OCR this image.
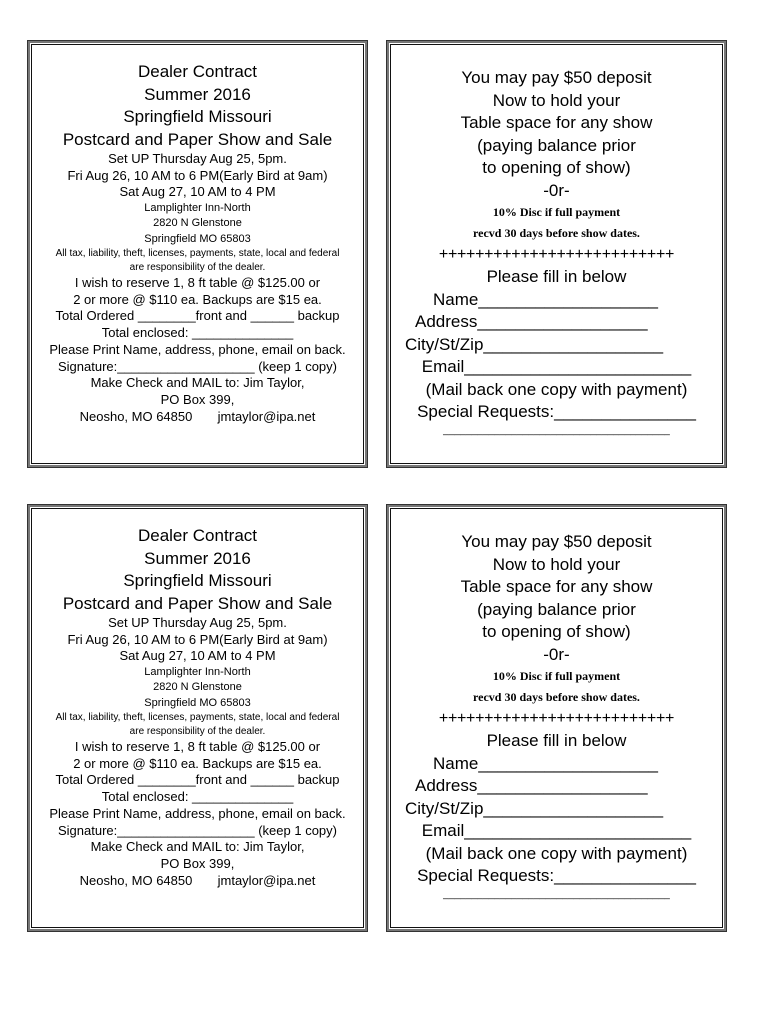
Dealer Contract
Summer 2016
Springfield Missouri
Postcard and Paper Show and Sale
Set UP Thursday Aug 25, 5pm.
Fri Aug 26, 10 AM to 6 PM(Early Bird at 9am)
Sat Aug 27, 10 AM to 4 PM
Lamplighter Inn-North
2820 N Glenstone
Springfield MO 65803
All tax, liability, theft, licenses, payments, state, local and federal
are responsibility of the dealer.
I wish to reserve 1, 8 ft table @ $125.00 or
2 or more @ $110 ea. Backups are $15 ea.
Total Ordered ________front and ______ backup
Total enclosed: ______________
Please Print Name, address, phone, email on back.
Signature:___________________ (keep 1 copy)
Make Check and MAIL to: Jim Taylor,
PO Box 399,
Neosho, MO 64850       jmtaylor@ipa.net
You may pay $50 deposit
Now to hold your
Table space for any show
(paying balance prior
to opening of show)
-0r-
10% Disc if full payment
recvd 30 days before show dates.
++++++++++++++++++++++++++
Please fill in below
Name___________________
Address__________________
City/St/Zip___________________
Email________________________
(Mail back one copy with payment)
Special Requests:_______________
________________________________________
Dealer Contract
Summer 2016
Springfield Missouri
Postcard and Paper Show and Sale
Set UP Thursday Aug 25, 5pm.
Fri Aug 26, 10 AM to 6 PM(Early Bird at 9am)
Sat Aug 27, 10 AM to 4 PM
Lamplighter Inn-North
2820 N Glenstone
Springfield MO 65803
All tax, liability, theft, licenses, payments, state, local and federal
are responsibility of the dealer.
I wish to reserve 1, 8 ft table @ $125.00 or
2 or more @ $110 ea. Backups are $15 ea.
Total Ordered ________front and ______ backup
Total enclosed: ______________
Please Print Name, address, phone, email on back.
Signature:___________________ (keep 1 copy)
Make Check and MAIL to: Jim Taylor,
PO Box 399,
Neosho, MO 64850       jmtaylor@ipa.net
You may pay $50 deposit
Now to hold your
Table space for any show
(paying balance prior
to opening of show)
-0r-
10% Disc if full payment
recvd 30 days before show dates.
++++++++++++++++++++++++++
Please fill in below
Name___________________
Address__________________
City/St/Zip___________________
Email________________________
(Mail back one copy with payment)
Special Requests:_______________
________________________________________
